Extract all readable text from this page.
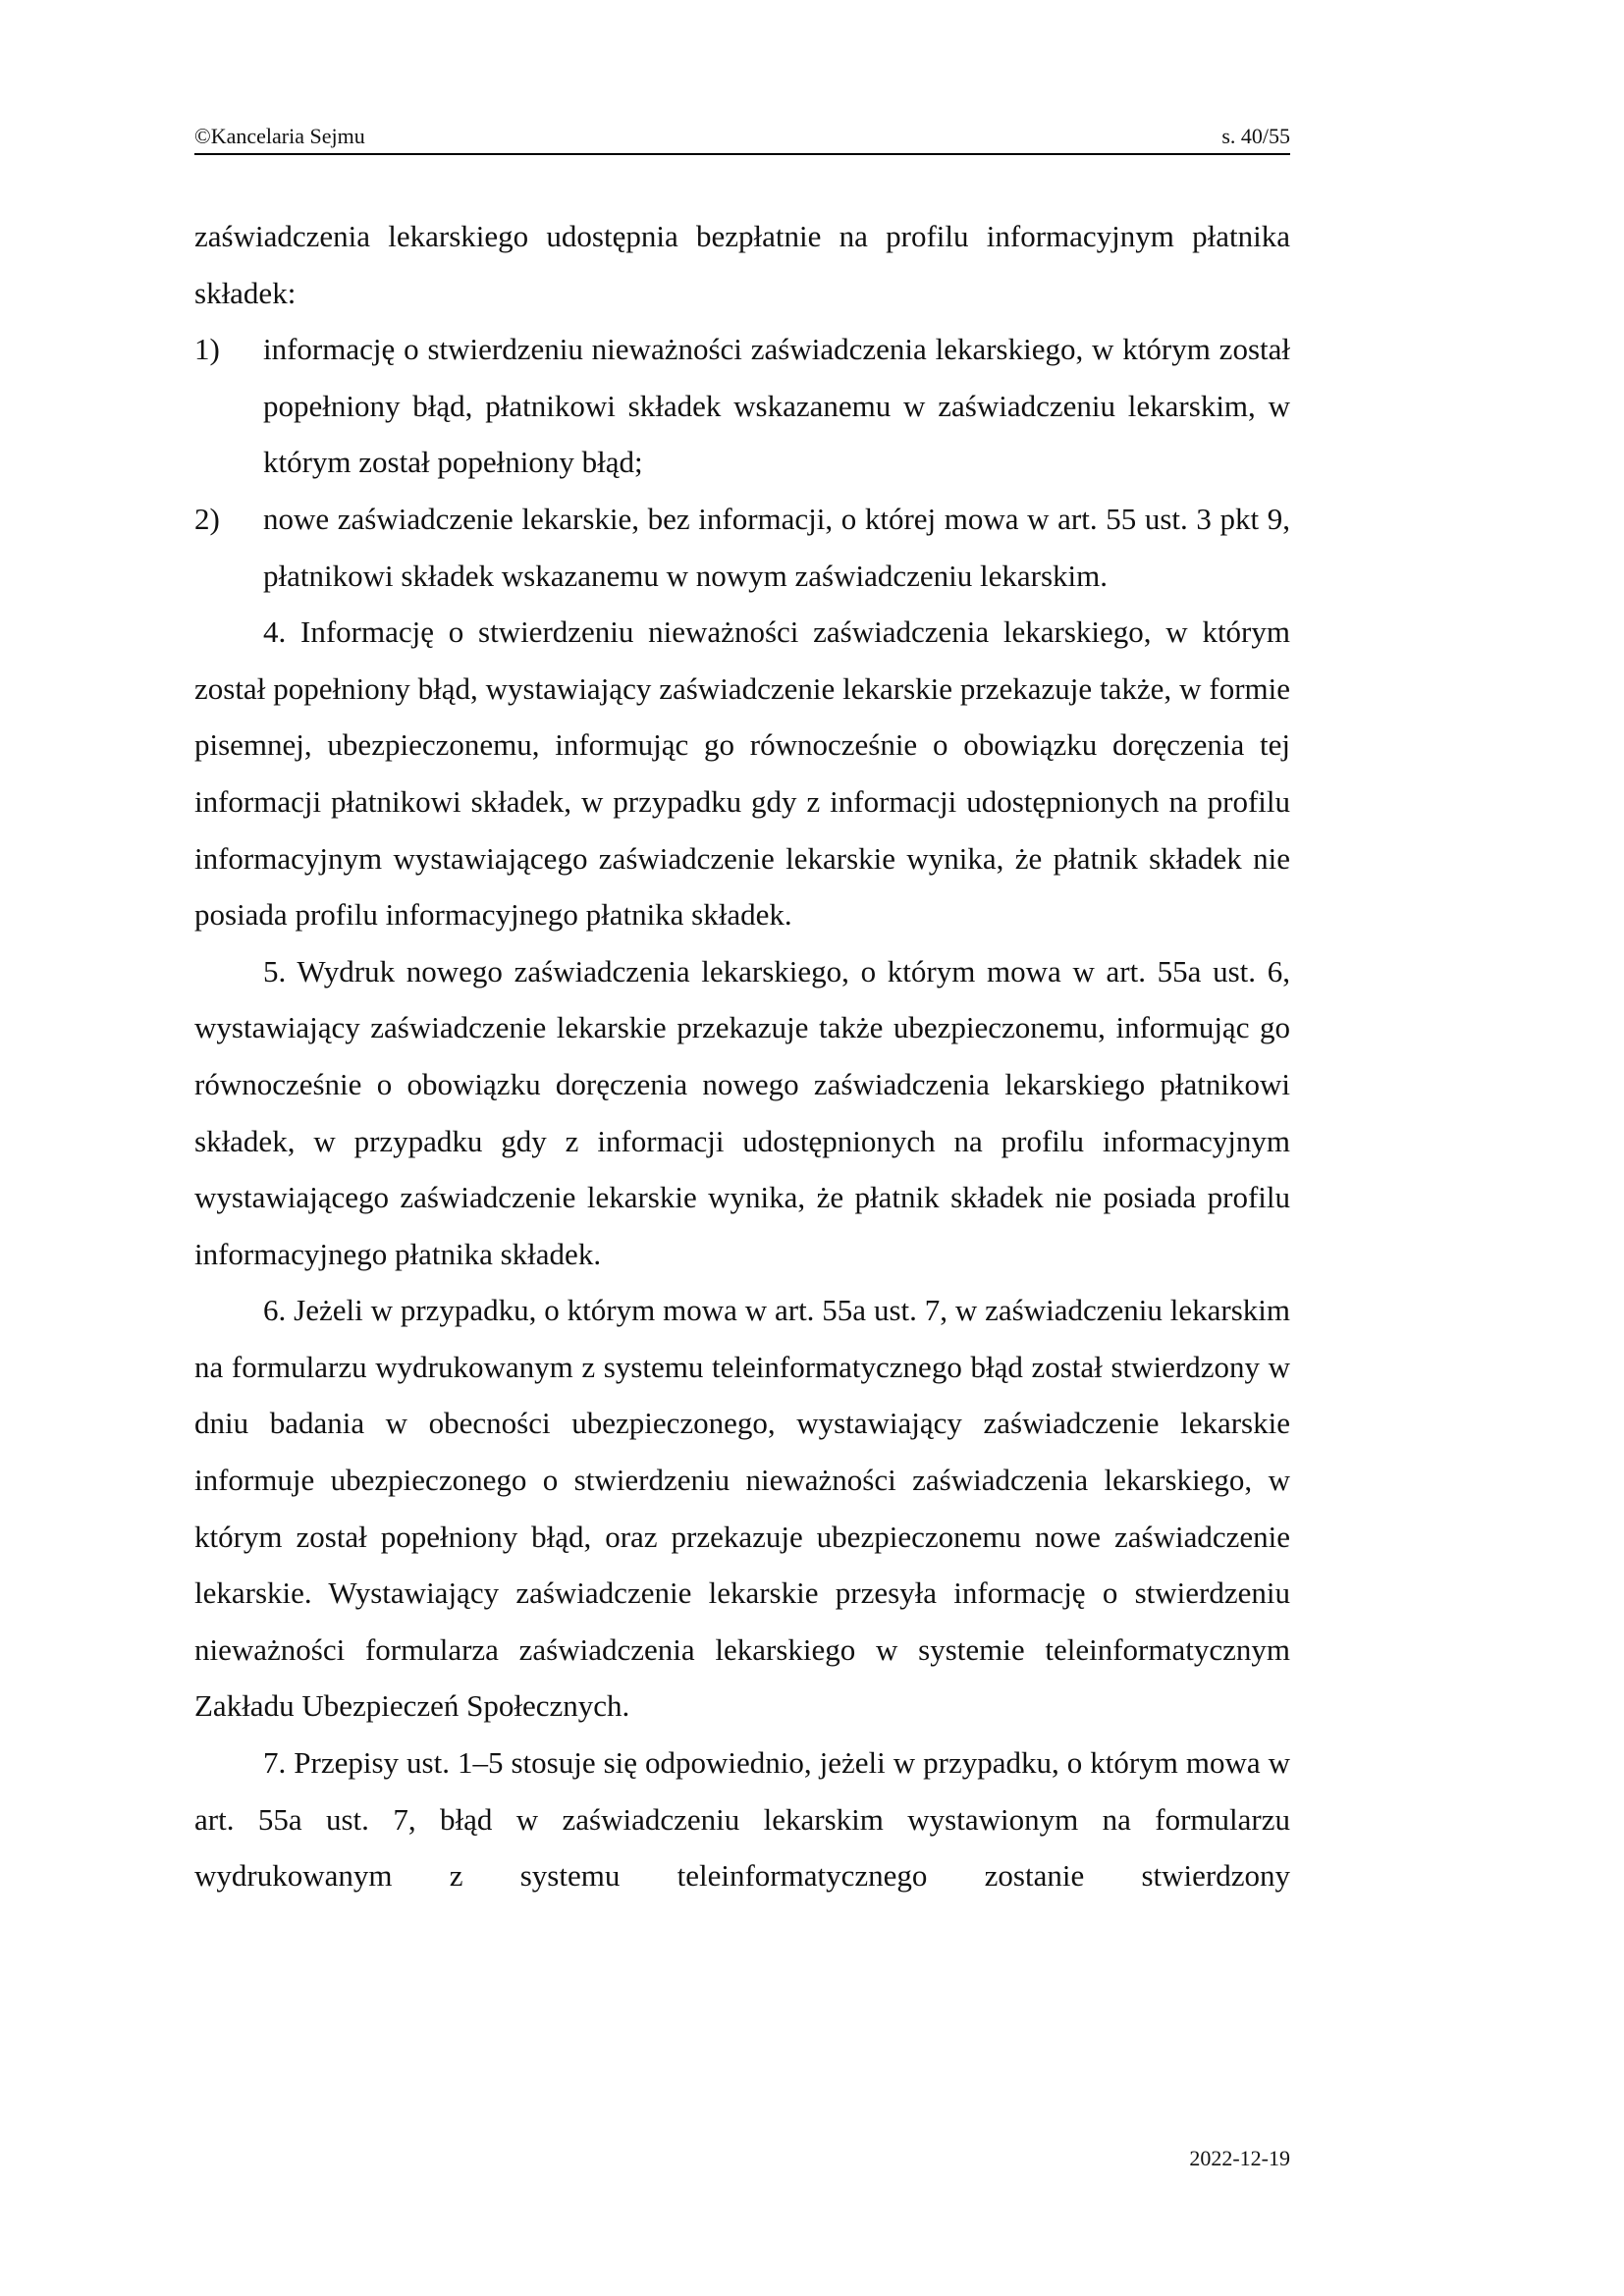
©Kancelaria Sejmu	s. 40/55

zaświadczenia lekarskiego udostępnia bezpłatnie na profilu informacyjnym płatnika składek:

1) informację o stwierdzeniu nieważności zaświadczenia lekarskiego, w którym został popełniony błąd, płatnikowi składek wskazanemu w zaświadczeniu lekarskim, w którym został popełniony błąd;
2) nowe zaświadczenie lekarskie, bez informacji, o której mowa w art. 55 ust. 3 pkt 9, płatnikowi składek wskazanemu w nowym zaświadczeniu lekarskim.

4. Informację o stwierdzeniu nieważności zaświadczenia lekarskiego, w którym został popełniony błąd, wystawiający zaświadczenie lekarskie przekazuje także, w formie pisemnej, ubezpieczonemu, informując go równocześnie o obowiązku doręczenia tej informacji płatnikowi składek, w przypadku gdy z informacji udostępnionych na profilu informacyjnym wystawiającego zaświadczenie lekarskie wynika, że płatnik składek nie posiada profilu informacyjnego płatnika składek.

5. Wydruk nowego zaświadczenia lekarskiego, o którym mowa w art. 55a ust. 6, wystawiający zaświadczenie lekarskie przekazuje także ubezpieczonemu, informując go równocześnie o obowiązku doręczenia nowego zaświadczenia lekarskiego płatnikowi składek, w przypadku gdy z informacji udostępnionych na profilu informacyjnym wystawiającego zaświadczenie lekarskie wynika, że płatnik składek nie posiada profilu informacyjnego płatnika składek.

6. Jeżeli w przypadku, o którym mowa w art. 55a ust. 7, w zaświadczeniu lekarskim na formularzu wydrukowanym z systemu teleinformatycznego błąd został stwierdzony w dniu badania w obecności ubezpieczonego, wystawiający zaświadczenie lekarskie informuje ubezpieczonego o stwierdzeniu nieważności zaświadczenia lekarskiego, w którym został popełniony błąd, oraz przekazuje ubezpieczonemu nowe zaświadczenie lekarskie. Wystawiający zaświadczenie lekarskie przesyła informację o stwierdzeniu nieważności formularza zaświadczenia lekarskiego w systemie teleinformatycznym Zakładu Ubezpieczeń Społecznych.

7. Przepisy ust. 1–5 stosuje się odpowiednio, jeżeli w przypadku, o którym mowa w art. 55a ust. 7, błąd w zaświadczeniu lekarskim wystawionym na formularzu wydrukowanym z systemu teleinformatycznego zostanie stwierdzony

2022-12-19
